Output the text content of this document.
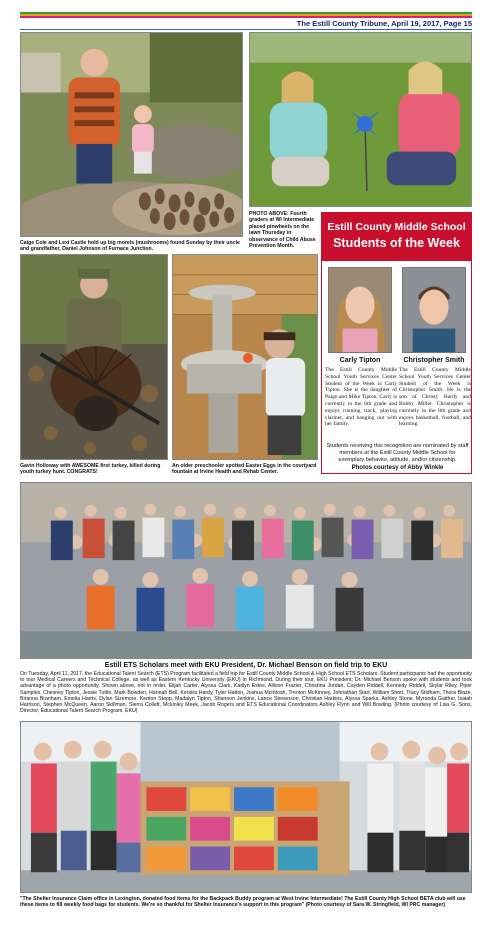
The Estill County Tribune, April 19, 2017, Page 15
PHOTO ABOVE: Fourth graders at WI Intermediate placed pinwheels on the lawn Thursday in observance of Child Abuse Prevention Month.
Caige Cole and Lexi Castle hold up big morels (mushrooms) found Sunday by their uncle and grandfather, Daniel Johnson of Furnace Junction.
Gavin Holloway with AWESOME first turkey, killed during youth turkey hunt. CONGRATS!
An older preschooler spotted Easter Eggs in the courtyard fountain at Irvine Health and Rehab Center.
Estill County Middle School
Students of the Week
Carly Tipton	Christopher Smith
The Estill County Middle School Youth Services Center Student of the Week is Carly Tipton. She is the daughter of Paige and Mike Tipton. Carly is currently in the 6th grade and enjoys running track, playing clarinet, and hanging out with her family.
The Estill County Middle School Youth Services Center Student of the Week is Christopher Smith. He is the son of Christy Hardy and Bobby Miller. Christopher is currently in the 8th grade and enjoys basketball, football, and learning.
Students receiving this recognition are nominated by staff members at the Estill County Middle School for exemplary behavior, attitude, and/or citizenship.
Photos courtesy of Abby Winkle
Estill ETS Scholars meet with EKU President, Dr. Michael Benson on field trip to EKU
On Tuesday, April 11, 2017, the Educational Talent Search (ETS) Program facilitated a field trip for Estill County Middle School & High School ETS Scholars. Student participants had the opportunity to tour Medical Careers and Technical College, as well as Eastern Kentucky University (EKU) in Richmond. During their tour, EKU President, Dr. Michael Benson spoke with students and took advantage of a photo opportunity. Shown above, not in order, Elijah Carter, Alyssa Clark, Kaitlyn Estes, Allison Frazier, Christina Jordan, Cayden Riddell, Kennedy Riddell, Skylar Riley, Piper Samples, Chesney Tipton, Jessie Tuttle, Mark Bowden, Hannah Bell, Kendra Hardy, Tyler Hatton, Joshua McIntosh, Trenton McKinney, Johnathan Starr, William Short, Tracy Stidham, Thora Blaze, Brianna Branham, Emelia Harris, Dylan Sizemore, Kenton Stepp, Madalyn Tipton, Shannon Jenkins, Lance Stevenson, Christian Harkins, Alyssa Sparks, Ashley Stone, Myranda Gaither, Isaiah Harrison, Stephen McQueen, Aaron Skillman, Sierra Collett, Mckinley Meek, Jacob Rogers and ETS Educational Coordinators Ashley Flynn and Will Bowling. (Photo courtesy of Lisa G. Sons, Director, Educational Talent Search Program, EKU)
"The Shelter Insurance Claim office in Lexington, donated food items for the Backpack Buddy program at West Irvine Intermediate! The Estill County High School BETA club will use these items to fill weekly food bags for students. We're so thankful for Shelter Insurance's support in this program" (Photo courtesy of Sara W. Stringfield, WI PRC manager)
